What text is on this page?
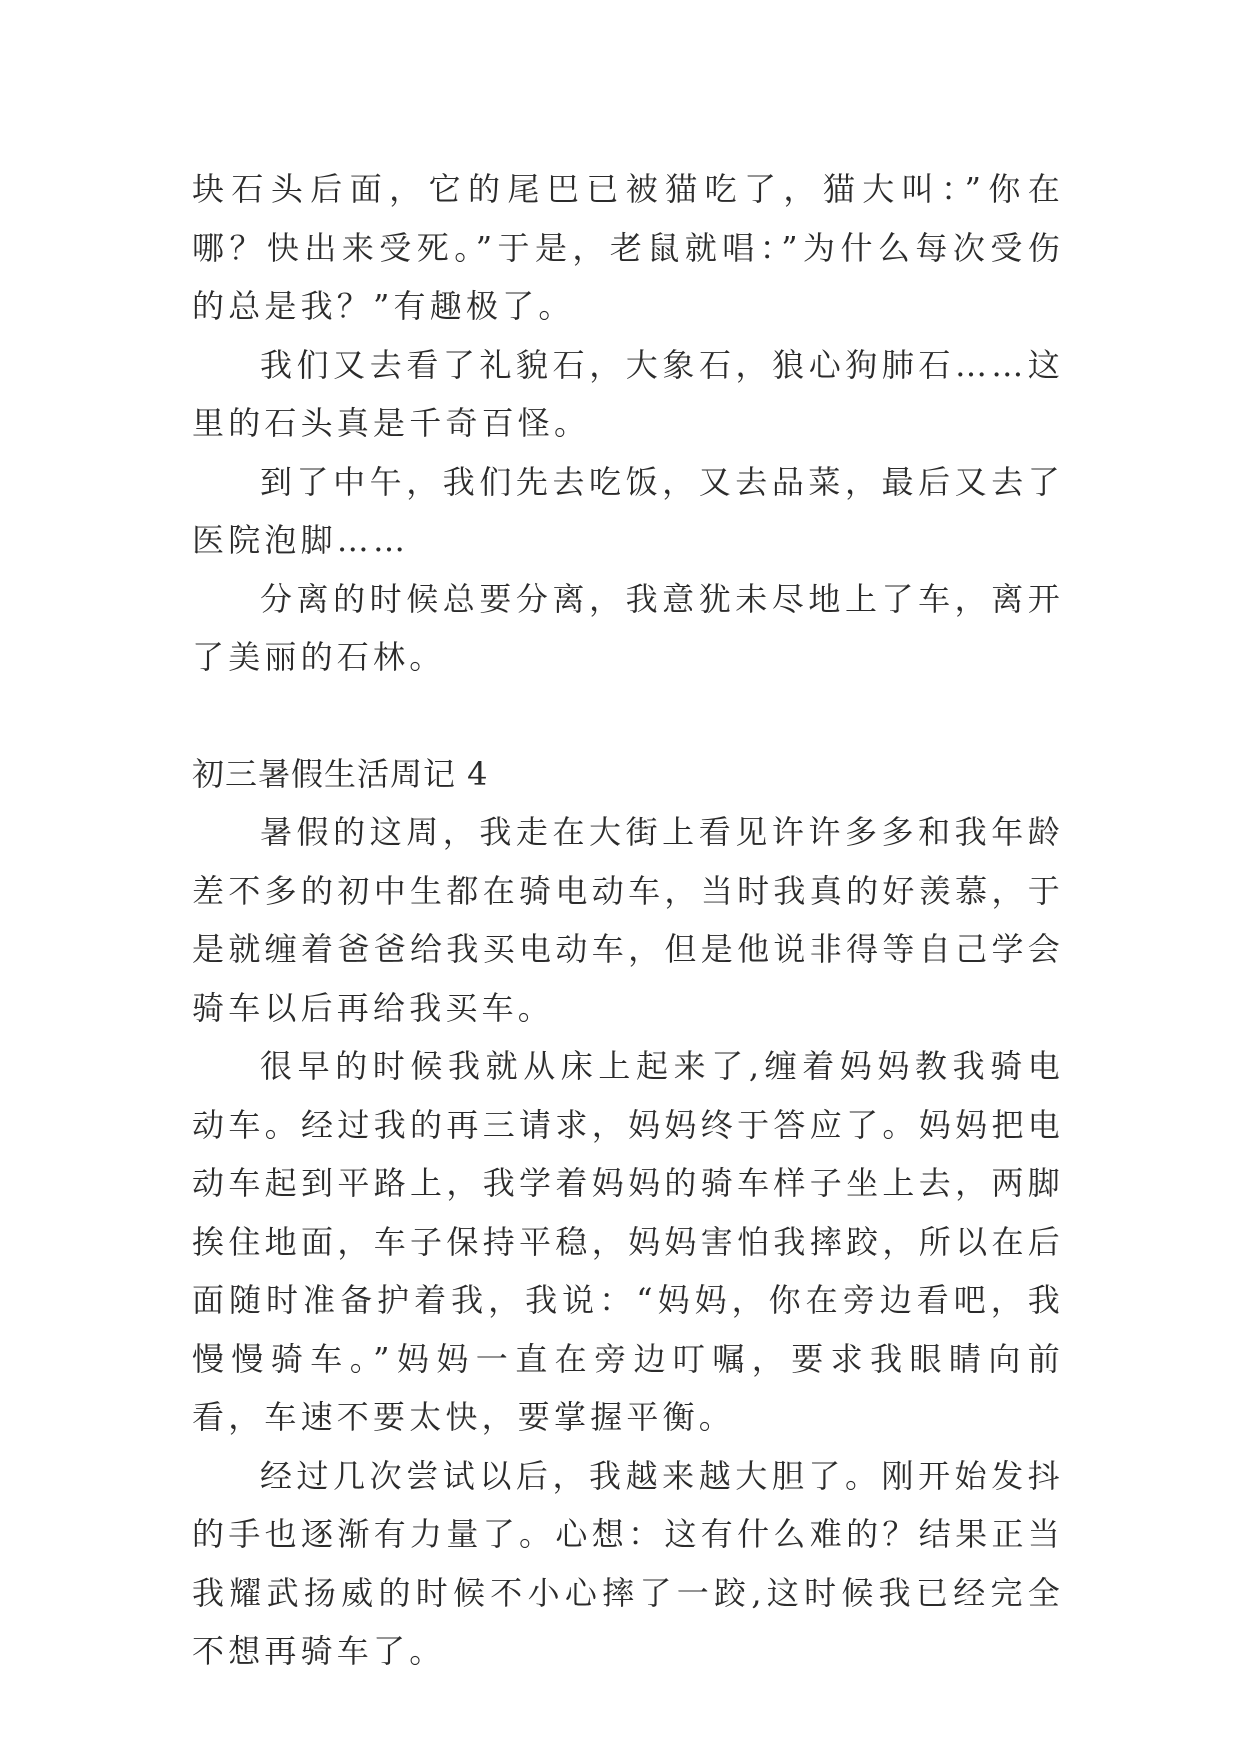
块石头后面，它的尾巴已被猫吃了，猫大叫：”你在哪？快出来受死。”于是，老鼠就唱：”为什么每次受伤的总是我？”有趣极了。

我们又去看了礼貌石，大象石，狼心狗肺石……这里的石头真是千奇百怪。

到了中午，我们先去吃饭，又去品菜，最后又去了医院泡脚……

分离的时候总要分离，我意犹未尽地上了车，离开了美丽的石林。

初三暑假生活周记 4

暑假的这周，我走在大街上看见许许多多和我年龄差不多的初中生都在骑电动车，当时我真的好羡慕，于是就缠着爸爸给我买电动车，但是他说非得等自己学会骑车以后再给我买车。

很早的时候我就从床上起来了,缠着妈妈教我骑电动车。经过我的再三请求，妈妈终于答应了。妈妈把电动车起到平路上，我学着妈妈的骑车样子坐上去，两脚挨住地面，车子保持平稳，妈妈害怕我摔跤，所以在后面随时准备护着我，我说：“妈妈，你在旁边看吧，我慢慢骑车。”妈妈一直在旁边叮嘱，要求我眼睛向前看，车速不要太快，要掌握平衡。

经过几次尝试以后，我越来越大胆了。刚开始发抖的手也逐渐有力量了。心想：这有什么难的？结果正当我耀武扬威的时候不小心摔了一跤,这时候我已经完全不想再骑车了。
